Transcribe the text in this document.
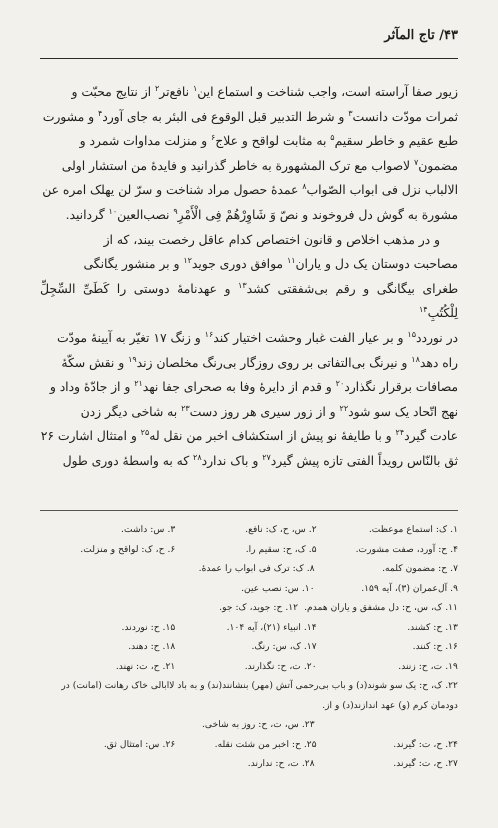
۴۳/ تاج المآثر

زیور صفا آراسته است، واجب شناخت و استماع این$^۱$ نافع‌تر$^۲$ از نتایج محبّت و

ثمرات مودّت دانست$^۳$ و شرط التدبیر قبل الوقوع فی البئر به جای آورد$^۴$ و مشورت

طبع عقیم و خاطر سقیم$^۵$ به مثابت لواقح و علاج$^۶$ و منزلت مداوات شمرد و

مضمون$^۷$ لاصواب مع ترک المشهورة به خاطر گذرانید و فایدهٔ من استشار اولی

الالباب نزل فی ابواب الصّواب$^۸$ عمدهٔ حصول مراد شناخت و سرّ لن یهلک امره عن

مشورة به گوش دل فروخوند و نصّ وَ شَاوِرْهُمْ فِی الْأَمْرِ$^۹$ نصب‌العین$^{۱۰}$ گردانید.

و در مذهب اخلاص و قانون اختصاص کدام عاقل رخصت بیند، که از

مصاحبت دوستان یک دل و یاران$^{۱۱}$ موافق دوری جوید$^{۱۲}$ و بر منشور یگانگی

طغرای بیگانگی و رقم بی‌شفقتی کشد$^{۱۳}$ و عهدنامهٔ دوستی را کَطَیِّ السِّجِلِّ لِلْکُتُبِ$^{۱۴}$

در نوردد$^{۱۵}$ و بر عیار الفت غبار وحشت اختیار کند$^{۱۶}$ و زنگ ۱۷ تغیّر به آیینهٔ مودّت

راه دهد$^{۱۸}$ و نیرنگ بی‌التفاتی بر روی روزگار بی‌رنگ مخلصان زند$^{۱۹}$ و نقش سکّهٔ

مصافات برقرار نگذارد$^{۲۰}$ و قدم از دایرهٔ وفا به صحرای جفا نهد$^{۲۱}$ و از جادّهٔ وداد و

نهج اتّحاد یک سو شود$^{۲۲}$ و از زور سیری هر روز دست$^{۲۳}$ به شاخی دیگر زدن

عادت گیرد$^{۲۴}$ و با طایفهٔ نو پیش از استکشاف اخبر من نقل له$^{۲۵}$ و امتثال اشارت ۲۶

ثق بالنّاس رویداً الفتی تازه پیش گیرد$^{۲۷}$ و باک ندارد$^{۲۸}$ که به واسطهٔ دوری طول

۱. ک: استماع موعظت.
۲. س، ح، ک: نافع.
۳. س: داشت.
۴. ح: آورد، صفت مشورت.
۵. ک، ح: سقیم را.
۶. ح، ک: لواقح و منزلت.
۷. ح: مضمون کلمه.
۸. ک: ترک فی ابواب را عمدهٔ.
۹. آل‌عمران (۳)، آیه ۱۵۹.
۱۰. س: نصب عین.
۱۱. ک، س، ح: دل مشفق و یاران همدم.
۱۲. ح: جوید، ک: جو.
۱۳. ح: کشند.
۱۴. انبیاء (۲۱)، آیه ۱۰۴.
۱۵. ح: نوردند.
۱۶. ح: کنند.
۱۷. ک، س: رنگ.
۱۸. ح: دهند.
۱۹. ت، ح: زنند.
۲۰. ت، ح: نگذارند.
۲۱. ح، ت: نهند.
۲۲. ک، ح: یک سو شوند(د) و باب بی‌رحمی آتش (مهر) بنشانند(ند) و به باد لاابالی خاک رهانت (امانت) در دودمان کرم (و) عهد اندازند(د) و از.
۲۳. س، ت، ح: روز به شاخی.
۲۴. ح، ت: گیرند.
۲۵. ح: اخبر من شئت نقله.
۲۶. س: امتثال ثق.
۲۷. ح، ت: گیرند.
۲۸. ت، ح: ندارند.
